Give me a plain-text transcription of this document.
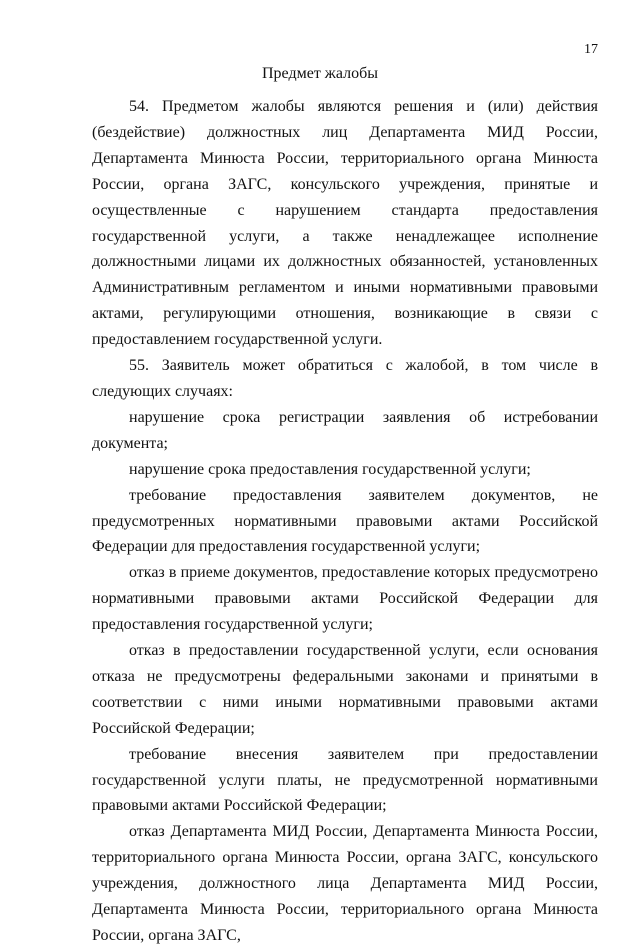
17
Предмет жалобы

54. Предметом жалобы являются решения и (или) действия (бездействие) должностных лиц Департамента МИД России, Департамента Минюста России, территориального органа Минюста России, органа ЗАГС, консульского учреждения, принятые и осуществленные с нарушением стандарта предоставления государственной услуги, а также ненадлежащее исполнение должностными лицами их должностных обязанностей, установленных Административным регламентом и иными нормативными правовыми актами, регулирующими отношения, возникающие в связи с предоставлением государственной услуги.

55. Заявитель может обратиться с жалобой, в том числе в следующих случаях:

нарушение срока регистрации заявления об истребовании документа;

нарушение срока предоставления государственной услуги;

требование предоставления заявителем документов, не предусмотренных нормативными правовыми актами Российской Федерации для предоставления государственной услуги;

отказ в приеме документов, предоставление которых предусмотрено нормативными правовыми актами Российской Федерации для предоставления государственной услуги;

отказ в предоставлении государственной услуги, если основания отказа не предусмотрены федеральными законами и принятыми в соответствии с ними иными нормативными правовыми актами Российской Федерации;

требование внесения заявителем при предоставлении государственной услуги платы, не предусмотренной нормативными правовыми актами Российской Федерации;

отказ Департамента МИД России, Департамента Минюста России, территориального органа Минюста России, органа ЗАГС, консульского учреждения, должностного лица Департамента МИД России, Департамента Минюста России, территориального органа Минюста России, органа ЗАГС,
